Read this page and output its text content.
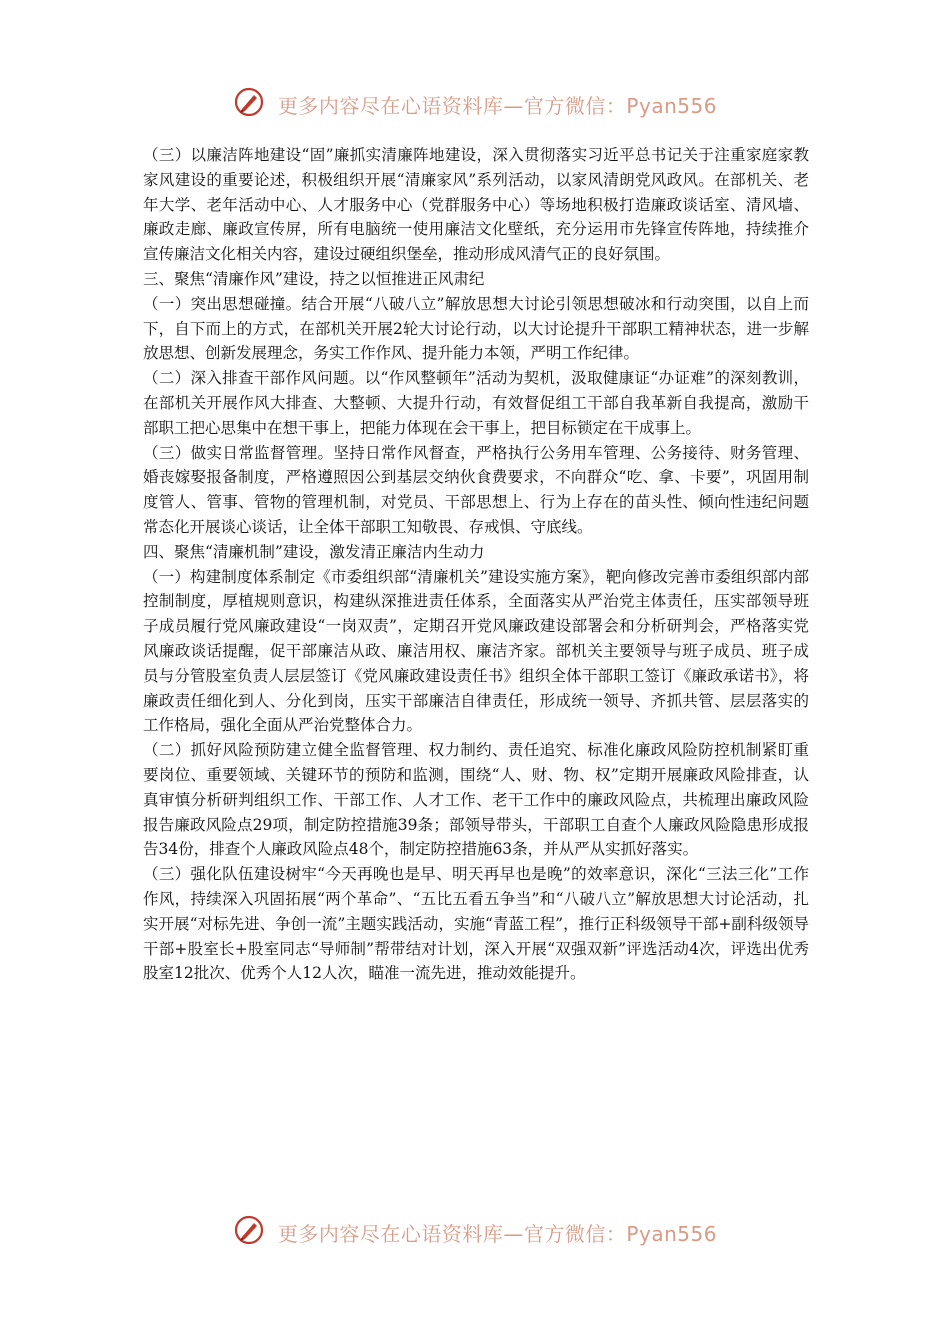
更多内容尽在心语资料库—官方微信：Pyan556

（三）以廉洁阵地建设“固”廉抓实清廉阵地建设，深入贯彻落实习近平总书记关于注重家庭家教家风建设的重要论述，积极组织开展“清廉家风”系列活动，以家风清朗党风政风。在部机关、老年大学、老年活动中心、人才服务中心（党群服务中心）等场地积极打造廉政谈话室、清风墙、廉政走廊、廉政宣传屏，所有电脑统一使用廉洁文化壁纸，充分运用市先锋宣传阵地，持续推介宣传廉洁文化相关内容，建设过硬组织堡垒，推动形成风清气正的良好氛围。

三、聚焦“清廉作风”建设，持之以恒推进正风肃纪

（一）突出思想碰撞。结合开展“八破八立”解放思想大讨论引领思想破冰和行动突围，以自上而下，自下而上的方式，在部机关开展2轮大讨论行动，以大讨论提升干部职工精神状态，进一步解放思想、创新发展理念，务实工作作风、提升能力本领，严明工作纪律。

（二）深入排查干部作风问题。以“作风整顿年”活动为契机，汲取健康证“办证难”的深刻教训，在部机关开展作风大排查、大整顿、大提升行动，有效督促组工干部自我革新自我提高，激励干部职工把心思集中在想干事上，把能力体现在会干事上，把目标锁定在干成事上。

（三）做实日常监督管理。坚持日常作风督查，严格执行公务用车管理、公务接待、财务管理、婚丧嫁娶报备制度，严格遵照因公到基层交纳伙食费要求，不向群众“吃、拿、卡要”，巩固用制度管人、管事、管物的管理机制，对党员、干部思想上、行为上存在的苗头性、倾向性违纪问题常态化开展谈心谈话，让全体干部职工知敬畏、存戒惧、守底线。

四、聚焦“清廉机制”建设，激发清正廉洁内生动力

（一）构建制度体系制定《市委组织部“清廉机关”建设实施方案》，靶向修改完善市委组织部内部控制制度，厚植规则意识，构建纵深推进责任体系，全面落实从严治党主体责任，压实部领导班子成员履行党风廉政建设“一岗双责”，定期召开党风廉政建设部署会和分析研判会，严格落实党风廉政谈话提醒，促干部廉洁从政、廉洁用权、廉洁齐家。部机关主要领导与班子成员、班子成员与分管股室负责人层层签订《党风廉政建设责任书》组织全体干部职工签订《廉政承诺书》，将廉政责任细化到人、分化到岗，压实干部廉洁自律责任，形成统一领导、齐抓共管、层层落实的工作格局，强化全面从严治党整体合力。

（二）抓好风险预防建立健全监督管理、权力制约、责任追究、标准化廉政风险防控机制紧盯重要岗位、重要领域、关键环节的预防和监测，围绕“人、财、物、权”定期开展廉政风险排查，认真审慎分析研判组织工作、干部工作、人才工作、老干工作中的廉政风险点，共梳理出廉政风险报告廉政风险点29项，制定防控措施39条；部领导带头，干部职工自查个人廉政风险隐患形成报告34份，排查个人廉政风险点48个，制定防控措施63条，并从严从实抓好落实。

（三）强化队伍建设树牢“今天再晚也是早、明天再早也是晚”的效率意识，深化“三法三化”工作作风，持续深入巩固拓展“两个革命”、“五比五看五争当”和“八破八立”解放思想大讨论活动，扎实开展“对标先进、争创一流”主题实践活动，实施“青蓝工程”，推行正科级领导干部+副科级领导干部+股室长+股室同志“导师制”帮带结对计划，深入开展“双强双新”评选活动4次，评选出优秀股室12批次、优秀个人12人次，瞄准一流先进，推动效能提升。

更多内容尽在心语资料库—官方微信：Pyan556
